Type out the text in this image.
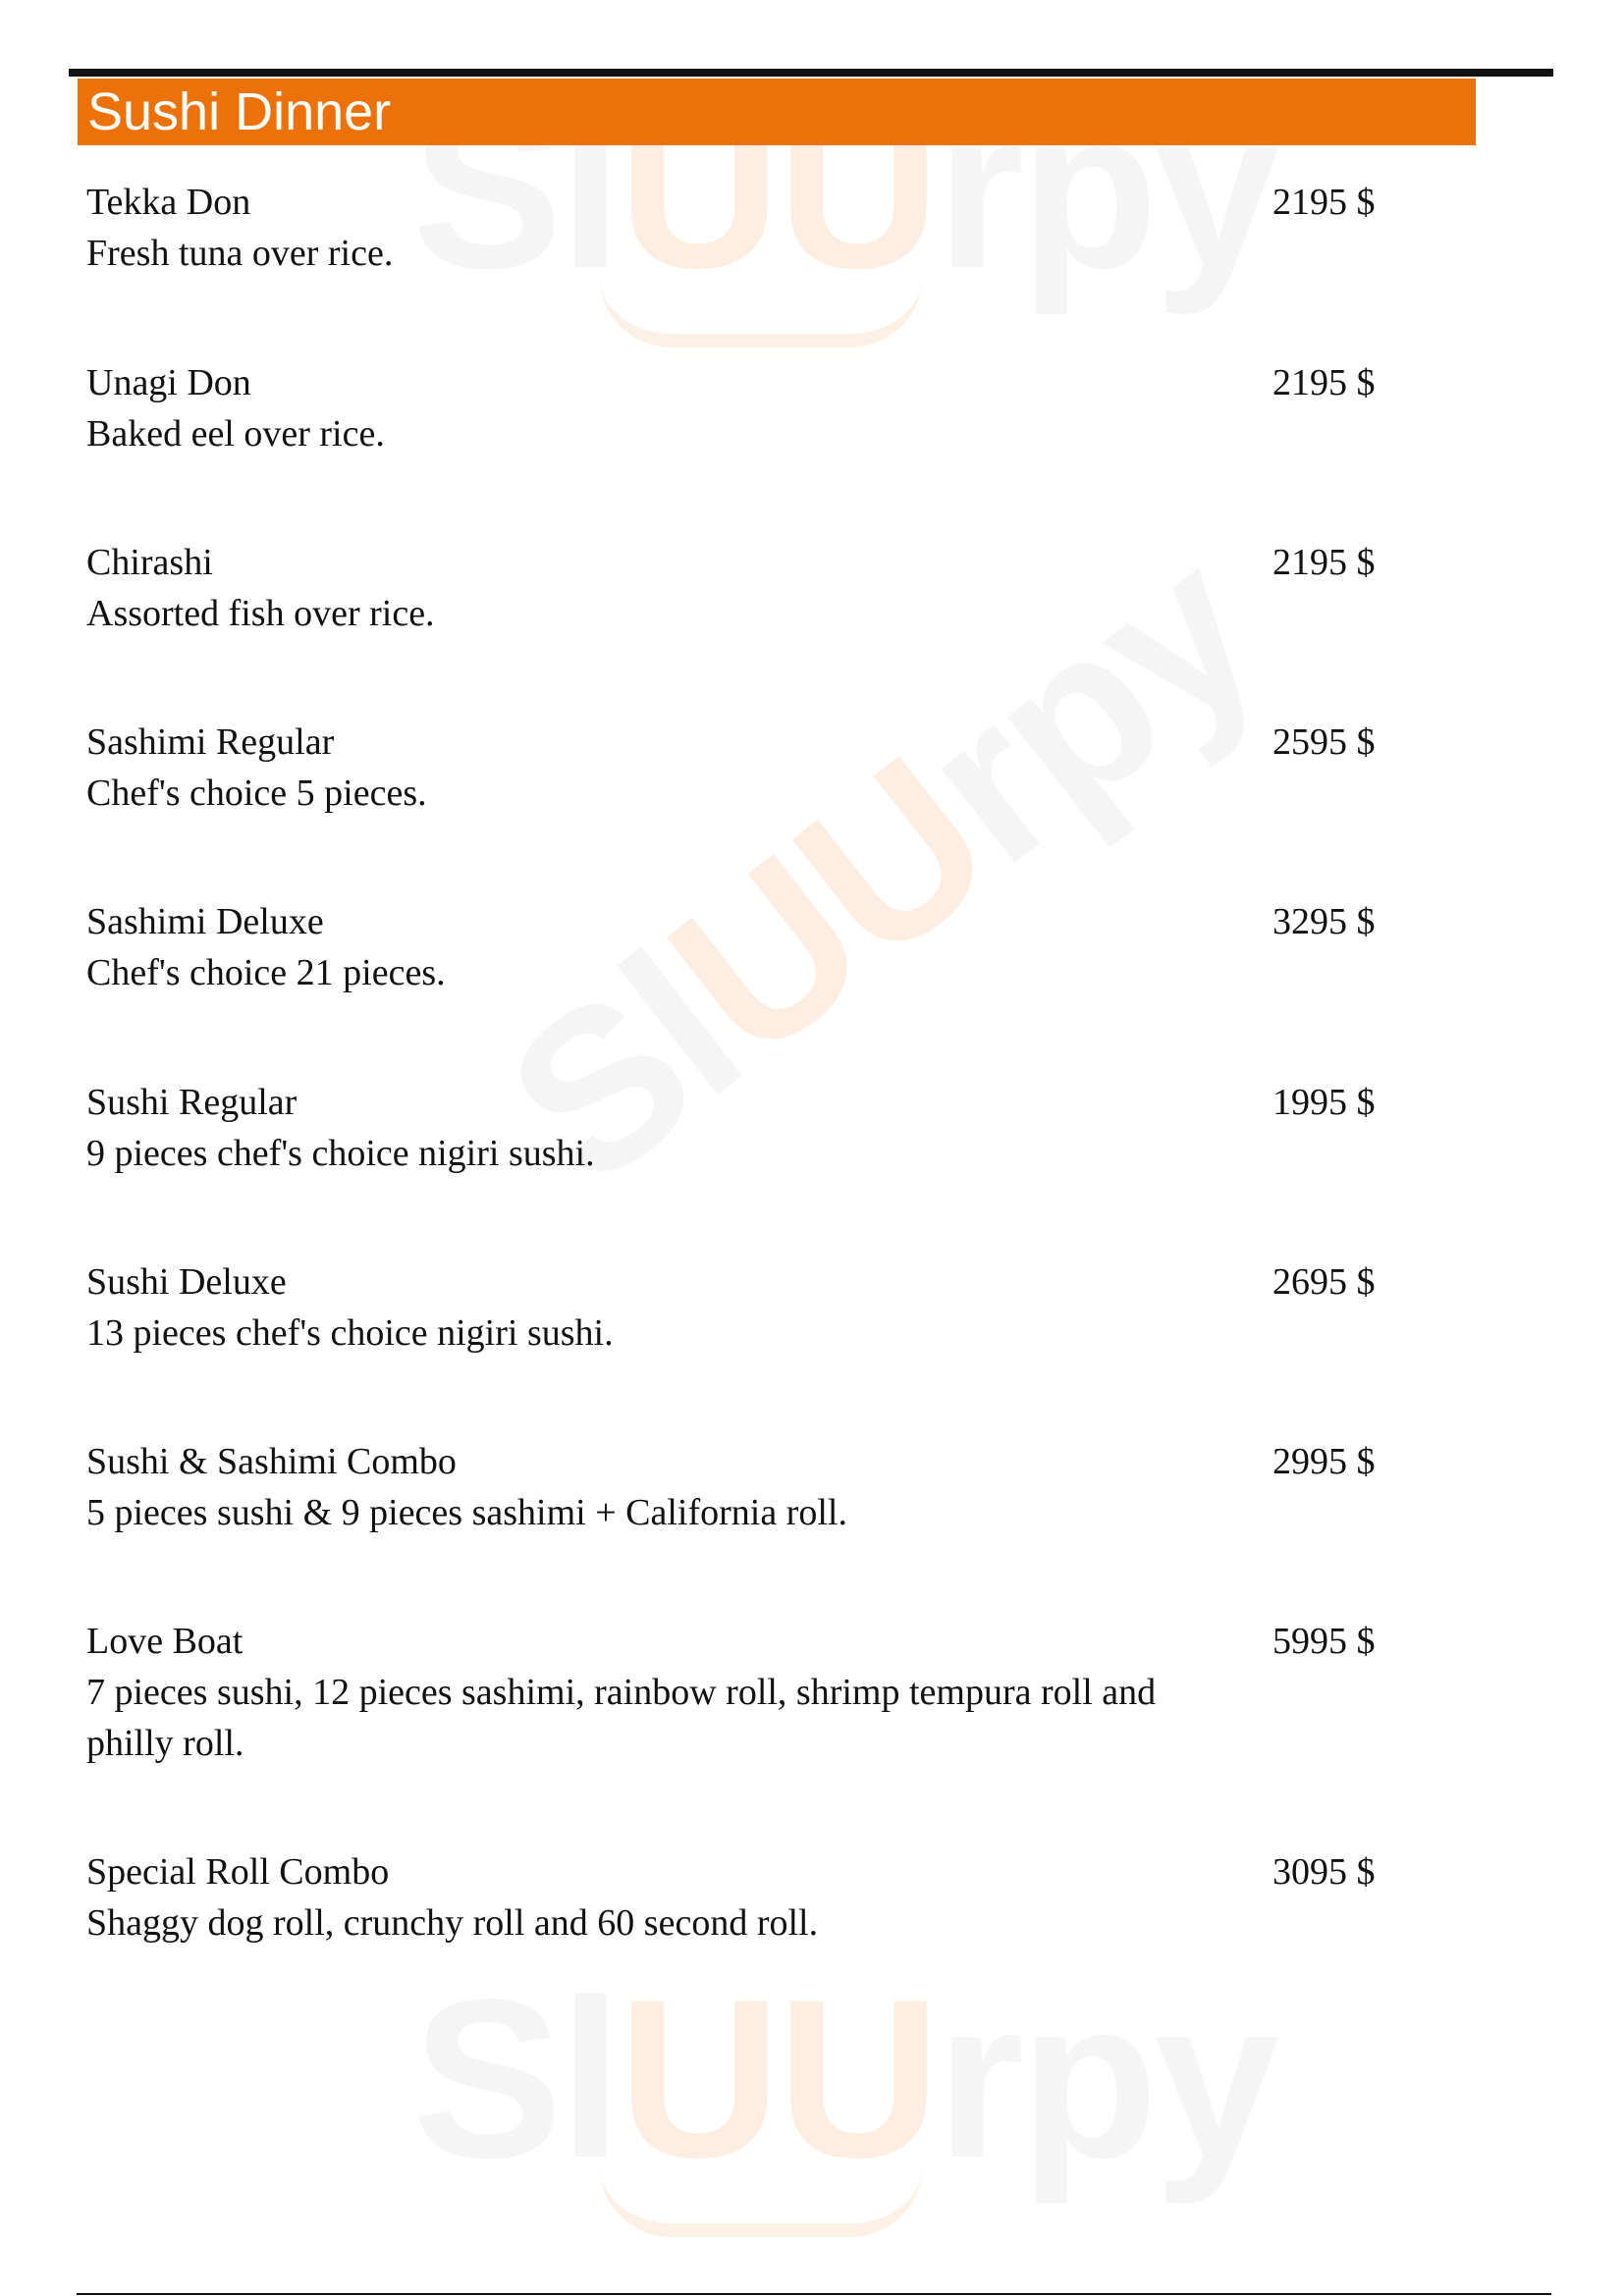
SlUUrpy
SlUUrpy
SlUUrpy
Sushi Dinner
Tekka Don
Fresh tuna over rice.
2195 $
Unagi Don
Baked eel over rice.
2195 $
Chirashi
Assorted fish over rice.
2195 $
Sashimi Regular
Chef's choice 5 pieces.
2595 $
Sashimi Deluxe
Chef's choice 21 pieces.
3295 $
Sushi Regular
9 pieces chef's choice nigiri sushi.
1995 $
Sushi Deluxe
13 pieces chef's choice nigiri sushi.
2695 $
Sushi & Sashimi Combo
5 pieces sushi & 9 pieces sashimi + California roll.
2995 $
Love Boat
7 pieces sushi, 12 pieces sashimi, rainbow roll, shrimp tempura roll and philly roll.
5995 $
Special Roll Combo
Shaggy dog roll, crunchy roll and 60 second roll.
3095 $
